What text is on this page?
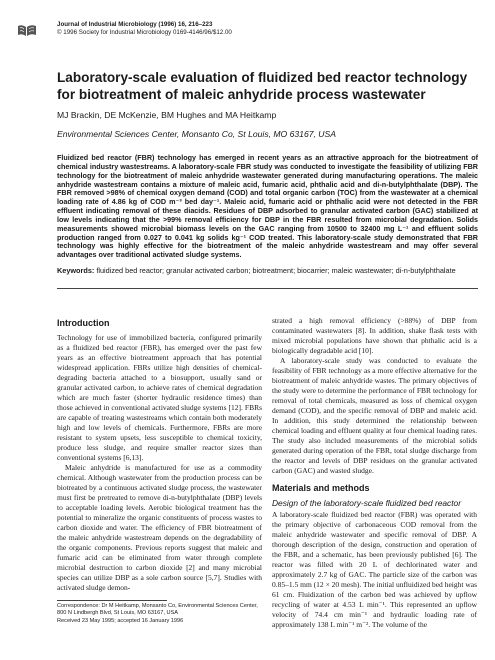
Journal of Industrial Microbiology (1996) 16, 216–223
© 1996 Society for Industrial Microbiology 0169-4146/96/$12.00
Laboratory-scale evaluation of fluidized bed reactor technology for biotreatment of maleic anhydride process wastewater
MJ Brackin, DE McKenzie, BM Hughes and MA Heitkamp
Environmental Sciences Center, Monsanto Co, St Louis, MO 63167, USA
Fluidized bed reactor (FBR) technology has emerged in recent years as an attractive approach for the biotreatment of chemical industry wastestreams. A laboratory-scale FBR study was conducted to investigate the feasibility of utilizing FBR technology for the biotreatment of maleic anhydride wastewater generated during manufacturing operations. The maleic anhydride wastestream contains a mixture of maleic acid, fumaric acid, phthalic acid and di-n-butylphthalate (DBP). The FBR removed >98% of chemical oxygen demand (COD) and total organic carbon (TOC) from the wastewater at a chemical loading rate of 4.86 kg of COD m⁻³ bed day⁻¹. Maleic acid, fumaric acid or phthalic acid were not detected in the FBR effluent indicating removal of these diacids. Residues of DBP adsorbed to granular activated carbon (GAC) stabilized at low levels indicating that the >99% removal efficiency for DBP in the FBR resulted from microbial degradation. Solids measurements showed microbial biomass levels on the GAC ranging from 10500 to 32400 mg L⁻¹ and effluent solids production ranged from 0.027 to 0.041 kg solids kg⁻¹ COD treated. This laboratory-scale study demonstrated that FBR technology was highly effective for the biotreatment of the maleic anhydride wastestream and may offer several advantages over traditional activated sludge systems.
Keywords: fluidized bed reactor; granular activated carbon; biotreatment; biocarrier; maleic wastewater; di-n-butylphthalate
Introduction

Technology for use of immobilized bacteria, configured primarily as a fluidized bed reactor (FBR), has emerged over the past few years as an effective biotreatment approach that has potential widespread application. FBRs utilize high densities of chemical-degrading bacteria attached to a biosupport, usually sand or granular activated carbon, to achieve rates of chemical degradation which are much faster (shorter hydraulic residence times) than those achieved in conventional activated sludge systems [12]. FBRs are capable of treating wastestreams which contain both moderately high and low levels of chemicals. Furthermore, FBRs are more resistant to system upsets, less susceptible to chemical toxicity, produce less sludge, and require smaller reactor sizes than conventional systems [6,13].

Maleic anhydride is manufactured for use as a commodity chemical. Although wastewater from the production process can be biotreated by a continuous activated sludge process, the wastewater must first be pretreated to remove di-n-butylphthalate (DBP) levels to acceptable loading levels. Aerobic biological treatment has the potential to mineralize the organic constituents of process wastes to carbon dioxide and water. The efficiency of FBR biotreatment of the maleic anhydride wastestream depends on the degradability of the organic components. Previous reports suggest that maleic and fumaric acid can be eliminated from water through complete microbial destruction to carbon dioxide [2] and many microbial species can utilize DBP as a sole carbon source [5,7]. Studies with activated sludge demon-

strated a high removal efficiency (>88%) of DBP from contaminated wastewaters [8]. In addition, shake flask tests with mixed microbial populations have shown that phthalic acid is a biologically degradable acid [10].

A laboratory-scale study was conducted to evaluate the feasibility of FBR technology as a more effective alternative for the biotreatment of maleic anhydride wastes. The primary objectives of the study were to determine the performance of FBR technology for removal of total chemicals, measured as loss of chemical oxygen demand (COD), and the specific removal of DBP and maleic acid. In addition, this study determined the relationship between chemical loading and effluent quality at four chemical loading rates. The study also included measurements of the microbial solids generated during operation of the FBR, total sludge discharge from the reactor and levels of DBP residues on the granular activated carbon (GAC) and wasted sludge.

Materials and methods
Design of the laboratory-scale fluidized bed reactor

A laboratory-scale fluidized bed reactor (FBR) was operated with the primary objective of carbonaceous COD removal from the maleic anhydride wastewater and specific removal of DBP. A thorough description of the design, construction and operation of the FBR, and a schematic, has been previously published [6]. The reactor was filled with 20 L of dechlorinated water and approximately 2.7 kg of GAC. The particle size of the carbon was 0.85–1.5 mm (12 × 20 mesh). The initial unfluidized bed height was 61 cm. Fluidization of the carbon bed was achieved by upflow recycling of water at 4.53 L min⁻¹. This represented an upflow velocity of 74.4 cm min⁻¹ and hydraulic loading rate of approximately 138 L min⁻¹ m⁻². The volume of the

Correspondence: Dr M Heitkamp, Monsanto Co, Environmental Sciences Center, 800 N Lindbergh Blvd, St Louis, MO 63167, USA
Received 23 May 1995; accepted 16 January 1996
